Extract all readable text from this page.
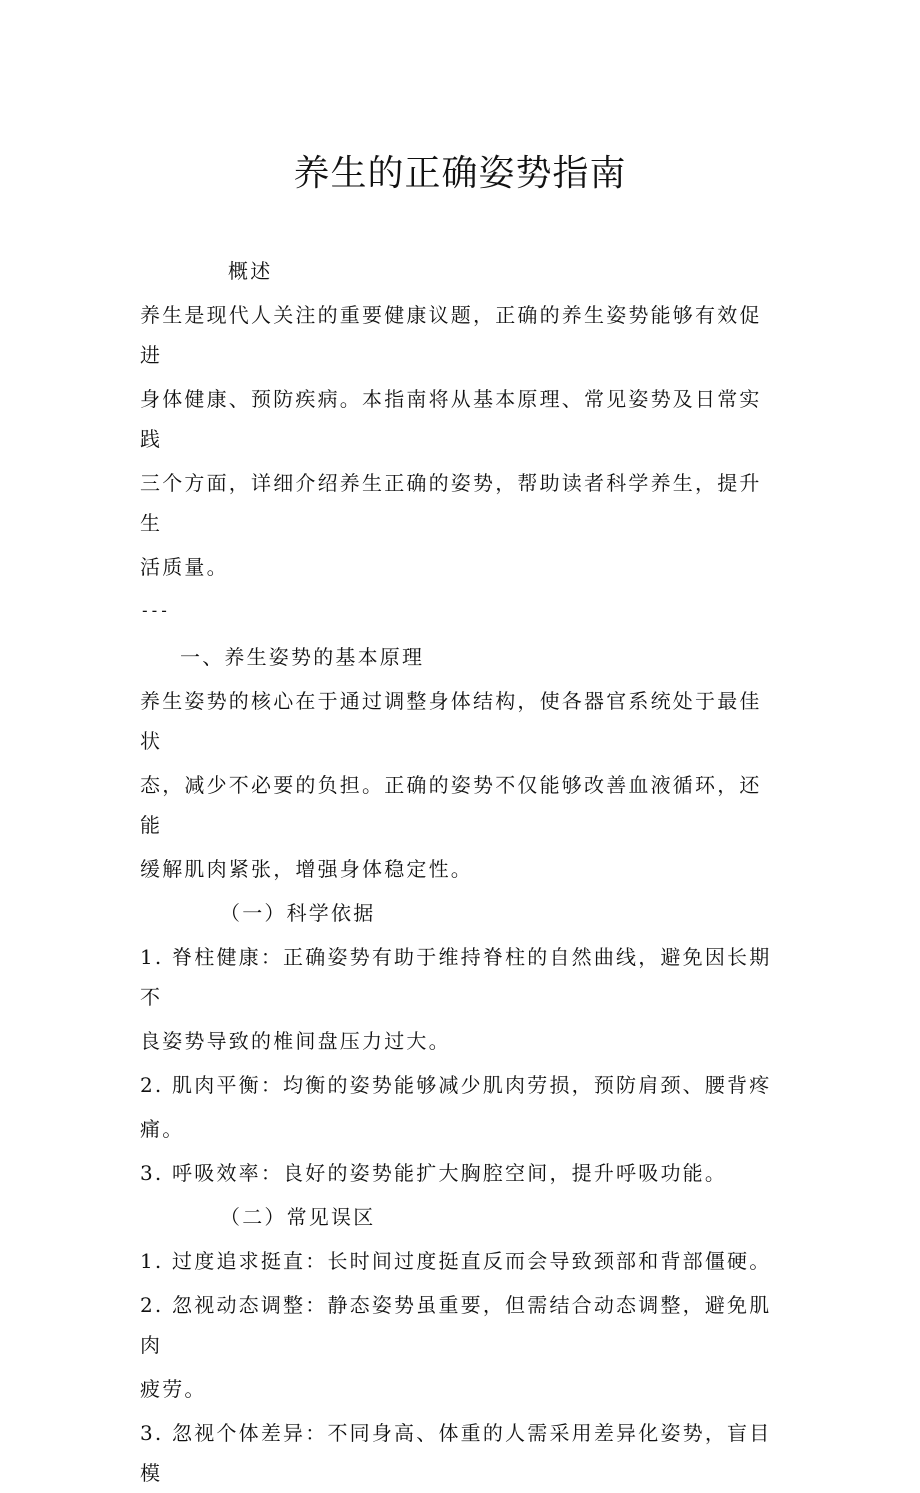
养生的正确姿势指南

概述

养生是现代人关注的重要健康议题，正确的养生姿势能够有效促进

身体健康、预防疾病。本指南将从基本原理、常见姿势及日常实践

三个方面，详细介绍养生正确的姿势，帮助读者科学养生，提升生

活质量。

---

一、养生姿势的基本原理

养生姿势的核心在于通过调整身体结构，使各器官系统处于最佳状

态，减少不必要的负担。正确的姿势不仅能够改善血液循环，还能

缓解肌肉紧张，增强身体稳定性。

（一）科学依据

1. 脊柱健康：正确姿势有助于维持脊柱的自然曲线，避免因长期不

良姿势导致的椎间盘压力过大。

2. 肌肉平衡：均衡的姿势能够减少肌肉劳损，预防肩颈、腰背疼

痛。

3. 呼吸效率：良好的姿势能扩大胸腔空间，提升呼吸功能。

（二）常见误区

1. 过度追求挺直：长时间过度挺直反而会导致颈部和背部僵硬。

2. 忽视动态调整：静态姿势虽重要，但需结合动态调整，避免肌肉

疲劳。

3. 忽视个体差异：不同身高、体重的人需采用差异化姿势，盲目模
